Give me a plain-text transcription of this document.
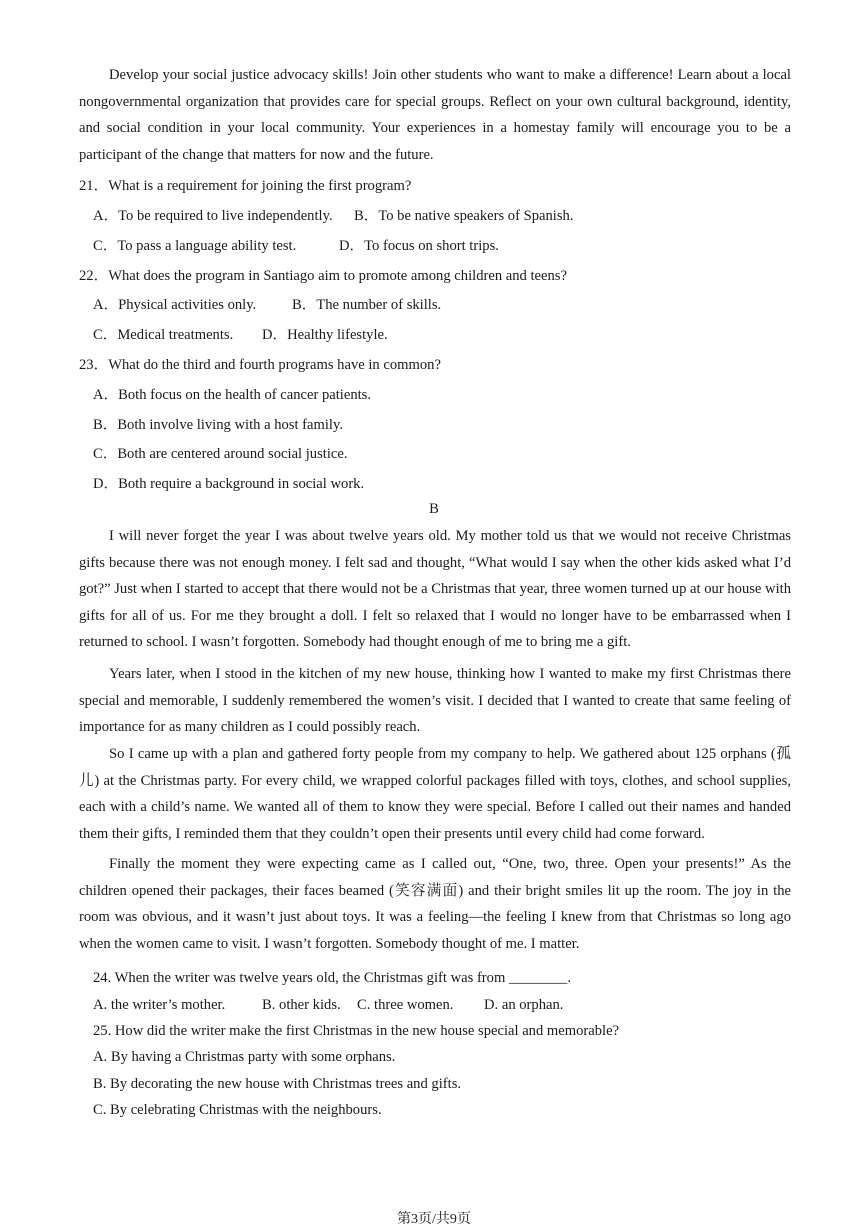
Develop your social justice advocacy skills! Join other students who want to make a difference! Learn about a local nongovernmental organization that provides care for special groups. Reflect on your own cultural background, identity, and social condition in your local community. Your experiences in a homestay family will encourage you to be a participant of the change that matters for now and the future.

21．What is a requirement for joining the first program?

A．To be required to live independently. B．To be native speakers of Spanish.

C．To pass a language ability test.	D．To focus on short trips.

22．What does the program in Santiago aim to promote among children and teens?

A．Physical activities only. B．The number of skills.

C．Medical treatments. D．Healthy lifestyle.

23．What do the third and fourth programs have in common?

A．Both focus on the health of cancer patients.

B．Both involve living with a host family.

C．Both are centered around social justice.

D．Both require a background in social work.

B

I will never forget the year I was about twelve years old. My mother told us that we would not receive Christmas gifts because there was not enough money. I felt sad and thought, “What would I say when the other kids asked what I’d got?” Just when I started to accept that there would not be a Christmas that year, three women turned up at our house with gifts for all of us. For me they brought a doll. I felt so relaxed that I would no longer have to be embarrassed when I returned to school. I wasn’t forgotten. Somebody had thought enough of me to bring me a gift.

Years later, when I stood in the kitchen of my new house, thinking how I wanted to make my first Christmas there special and memorable, I suddenly remembered the women’s visit. I decided that I wanted to create that same feeling of importance for as many children as I could possibly reach.

So I came up with a plan and gathered forty people from my company to help. We gathered about 125 orphans (孤儿) at the Christmas party. For every child, we wrapped colorful packages filled with toys, clothes, and school supplies, each with a child’s name. We wanted all of them to know they were special. Before I called out their names and handed them their gifts, I reminded them that they couldn’t open their presents until every child had come forward.

Finally the moment they were expecting came as I called out, “One, two, three. Open your presents!” As the children opened their packages, their faces beamed (笑容满面) and their bright smiles lit up the room. The joy in the room was obvious, and it wasn’t just about toys. It was a feeling—the feeling I knew from that Christmas so long ago when the women came to visit. I wasn’t forgotten. Somebody thought of me. I matter.

24. When the writer was twelve years old, the Christmas gift was from ________.

A. the writer’s mother.	B. other kids. C. three women. D. an orphan.

25. How did the writer make the first Christmas in the new house special and memorable?

A. By having a Christmas party with some orphans.

B. By decorating the new house with Christmas trees and gifts.

C. By celebrating Christmas with the neighbours.

第3页/共9页
